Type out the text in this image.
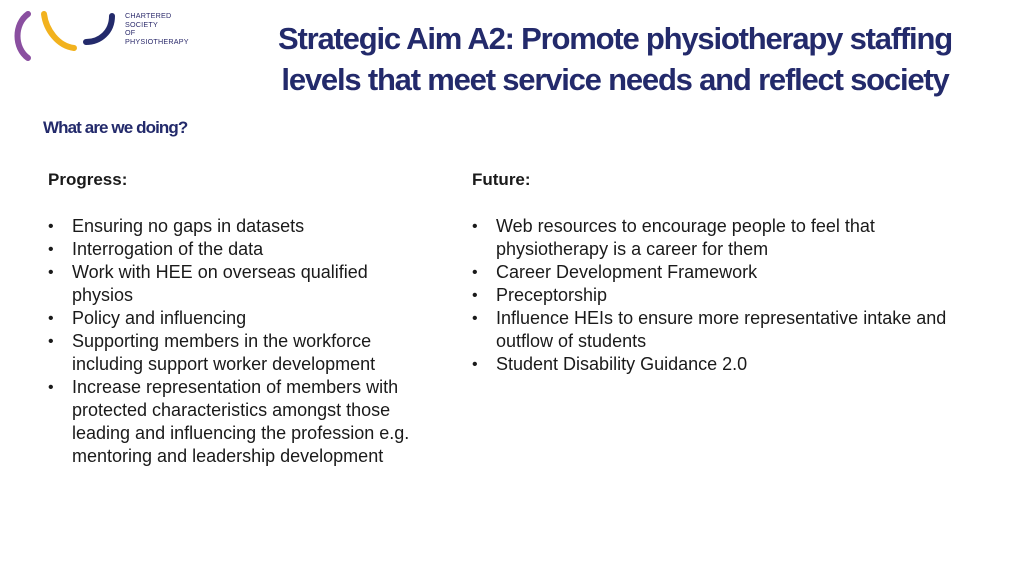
CHARTERED
SOCIETY
OF
PHYSIOTHERAPY	Strategic Aim A2: Promote physiotherapy staffing levels that meet service needs and reflect society
What are we doing?

Progress:

• Ensuring no gaps in datasets
• Interrogation of the data
• Work with HEE on overseas qualified physios
• Policy and influencing
• Supporting members in the workforce including support worker development
• Increase representation of members with protected characteristics amongst those leading and influencing the profession e.g. mentoring and leadership development

Future:

• Web resources to encourage people to feel that physiotherapy is a career for them
• Career Development Framework
• Preceptorship
• Influence HEIs to ensure more representative intake and outflow of students
• Student Disability Guidance 2.0
